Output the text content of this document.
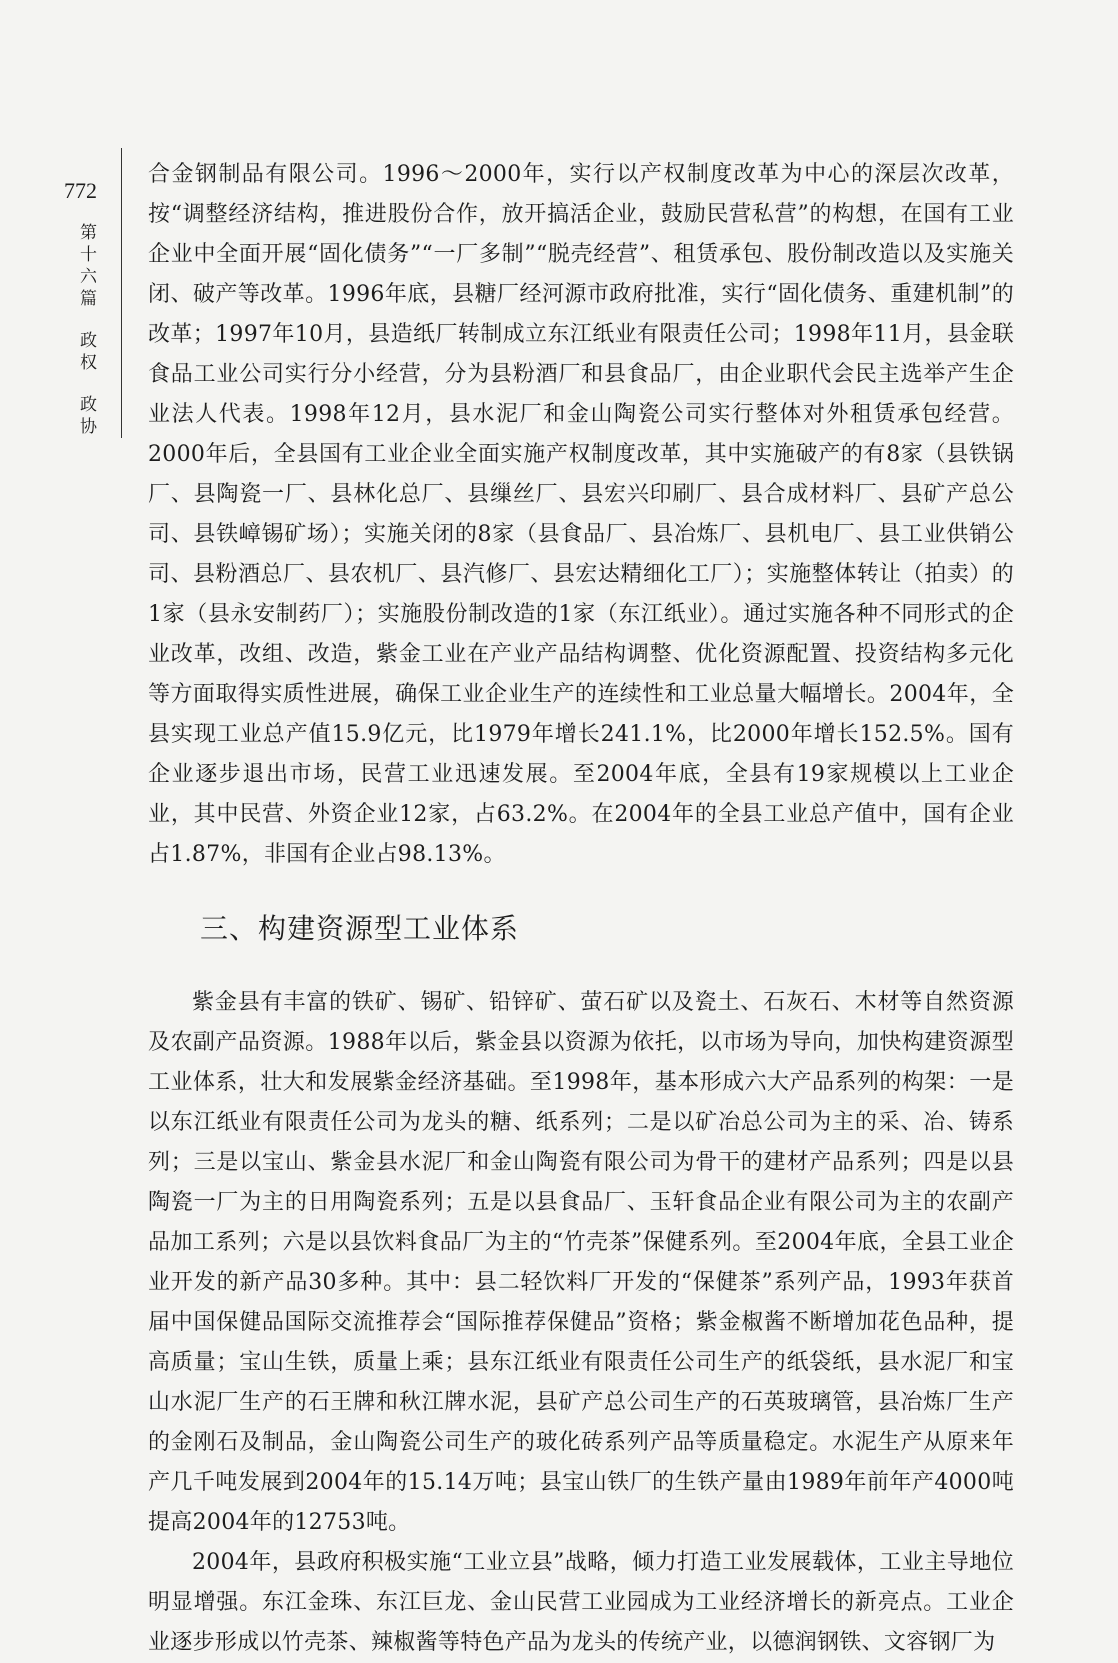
772
第
十
六
篇
政
权
政
协

合金钢制品有限公司。1996～2000年，实行以产权制度改革为中心的深层次改革，按“调整经济结构，推进股份合作，放开搞活企业，鼓励民营私营”的构想，在国有工业企业中全面开展“固化债务”“一厂多制”“脱壳经营”、租赁承包、股份制改造以及实施关闭、破产等改革。1996年底，县糖厂经河源市政府批准，实行“固化债务、重建机制”的改革；1997年10月，县造纸厂转制成立东江纸业有限责任公司；1998年11月，县金联食品工业公司实行分小经营，分为县粉酒厂和县食品厂，由企业职代会民主选举产生企业法人代表。1998年12月，县水泥厂和金山陶瓷公司实行整体对外租赁承包经营。2000年后，全县国有工业企业全面实施产权制度改革，其中实施破产的有8家（县铁锅厂、县陶瓷一厂、县林化总厂、县缫丝厂、县宏兴印刷厂、县合成材料厂、县矿产总公司、县铁嶂锡矿场）；实施关闭的8家（县食品厂、县冶炼厂、县机电厂、县工业供销公司、县粉酒总厂、县农机厂、县汽修厂、县宏达精细化工厂）；实施整体转让（拍卖）的1家（县永安制药厂）；实施股份制改造的1家（东江纸业）。通过实施各种不同形式的企业改革，改组、改造，紫金工业在产业产品结构调整、优化资源配置、投资结构多元化等方面取得实质性进展，确保工业企业生产的连续性和工业总量大幅增长。2004年，全县实现工业总产值15.9亿元，比1979年增长241.1%，比2000年增长152.5%。国有企业逐步退出市场，民营工业迅速发展。至2004年底，全县有19家规模以上工业企业，其中民营、外资企业12家，占63.2%。在2004年的全县工业总产值中，国有企业占1.87%，非国有企业占98.13%。

三、构建资源型工业体系

紫金县有丰富的铁矿、锡矿、铅锌矿、萤石矿以及瓷土、石灰石、木材等自然资源及农副产品资源。1988年以后，紫金县以资源为依托，以市场为导向，加快构建资源型工业体系，壮大和发展紫金经济基础。至1998年，基本形成六大产品系列的构架：一是以东江纸业有限责任公司为龙头的糖、纸系列；二是以矿冶总公司为主的采、冶、铸系列；三是以宝山、紫金县水泥厂和金山陶瓷有限公司为骨干的建材产品系列；四是以县陶瓷一厂为主的日用陶瓷系列；五是以县食品厂、玉轩食品企业有限公司为主的农副产品加工系列；六是以县饮料食品厂为主的“竹壳茶”保健系列。至2004年底，全县工业企业开发的新产品30多种。其中：县二轻饮料厂开发的“保健茶”系列产品，1993年获首届中国保健品国际交流推荐会“国际推荐保健品”资格；紫金椒酱不断增加花色品种，提高质量；宝山生铁，质量上乘；县东江纸业有限责任公司生产的纸袋纸，县水泥厂和宝山水泥厂生产的石王牌和秋江牌水泥，县矿产总公司生产的石英玻璃管，县冶炼厂生产的金刚石及制品，金山陶瓷公司生产的玻化砖系列产品等质量稳定。水泥生产从原来年产几千吨发展到2004年的15.14万吨；县宝山铁厂的生铁产量由1989年前年产4000吨提高2004年的12753吨。

2004年，县政府积极实施“工业立县”战略，倾力打造工业发展载体，工业主导地位明显增强。东江金珠、东江巨龙、金山民营工业园成为工业经济增长的新亮点。工业企业逐步形成以竹壳茶、辣椒酱等特色产品为龙头的传统产业，以德润钢铁、文容钢厂为
